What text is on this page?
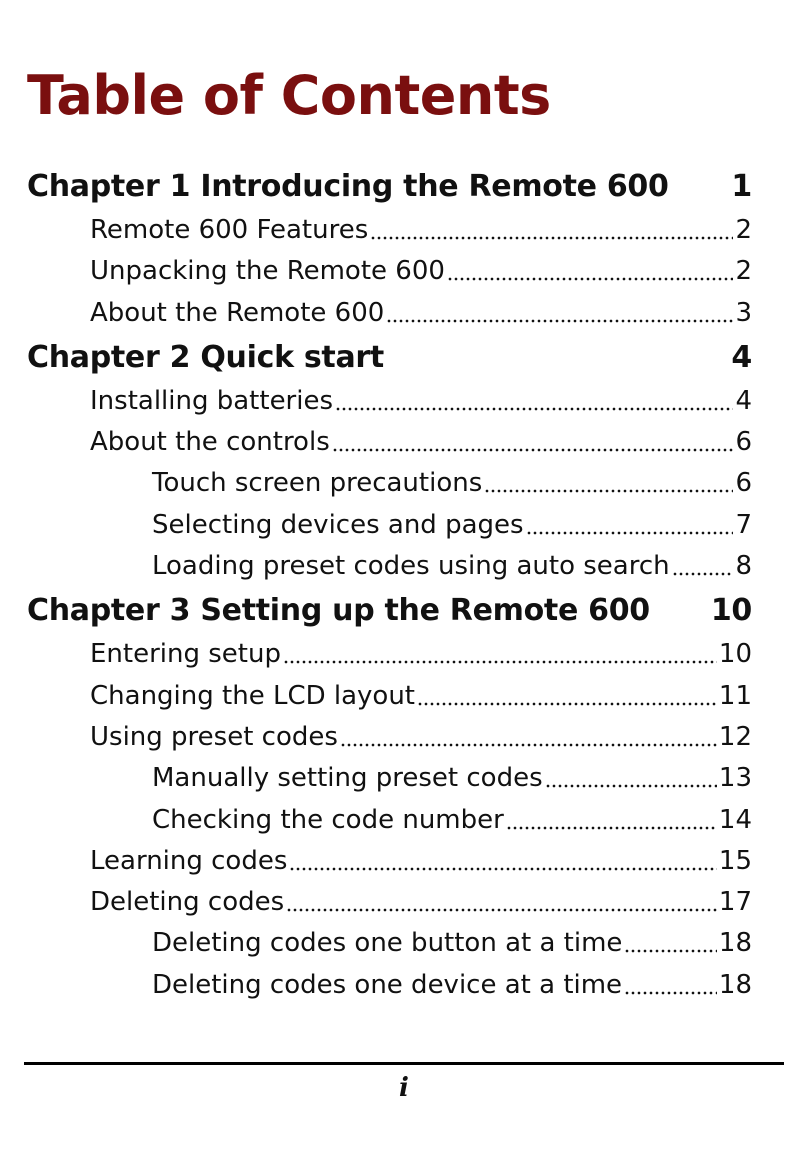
Table of Contents
Chapter 1 Introducing the Remote 600	1
Remote 600 Features	2
Unpacking the Remote 600	2
About the Remote 600	3
Chapter 2 Quick start	4
Installing batteries	4
About the controls	6
Touch screen precautions	6
Selecting devices and pages	7
Loading preset codes using auto search	8
Chapter 3 Setting up the Remote 600	10
Entering setup	10
Changing the LCD layout	11
Using preset codes	12
Manually setting preset codes	13
Checking the code number	14
Learning codes	15
Deleting codes	17
Deleting codes one button at a time	18
Deleting codes one device at a time	18
i
